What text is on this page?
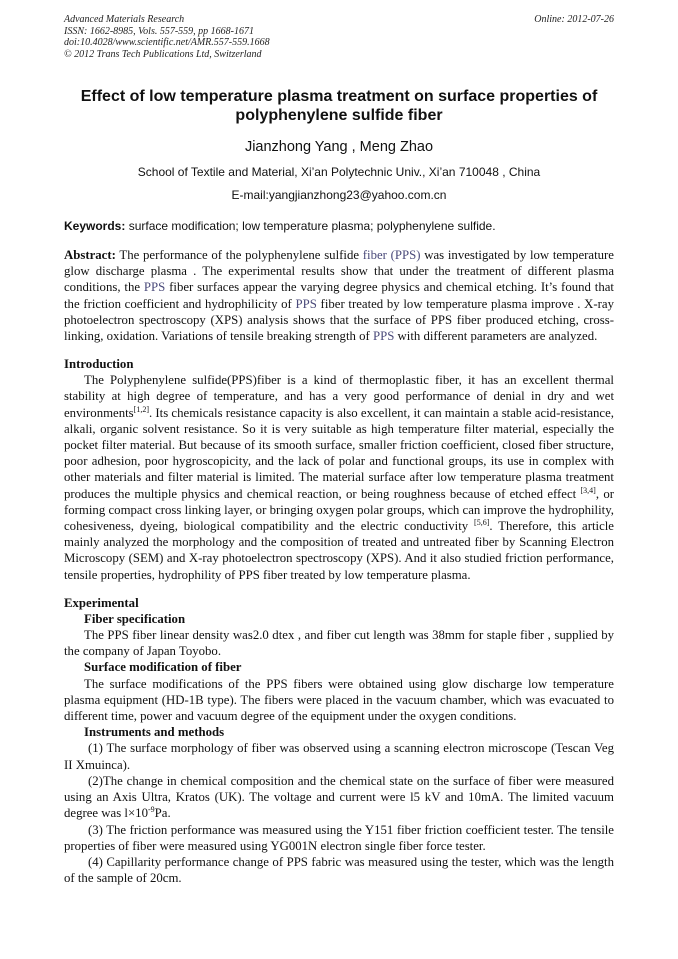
Advanced Materials Research	Online: 2012-07-26
ISSN: 1662-8985, Vols. 557-559, pp 1668-1671
doi:10.4028/www.scientific.net/AMR.557-559.1668
© 2012 Trans Tech Publications Ltd, Switzerland
Effect of low temperature plasma treatment on surface properties of polyphenylene sulfide fiber
Jianzhong Yang , Meng Zhao
School of Textile and Material, Xi’an Polytechnic Univ., Xi’an 710048 , China
E-mail:yangjianzhong23@yahoo.com.cn
Keywords: surface modification; low temperature plasma; polyphenylene sulfide.

Abstract: The performance of the polyphenylene sulfide fiber (PPS) was investigated by low temperature glow discharge plasma . The experimental results show that under the treatment of different plasma conditions, the PPS fiber surfaces appear the varying degree physics and chemical etching. It’s found that the friction coefficient and hydrophilicity of PPS fiber treated by low temperature plasma improve . X-ray photoelectron spectroscopy (XPS) analysis shows that the surface of PPS fiber produced etching, cross-linking, oxidation. Variations of tensile breaking strength of PPS with different parameters are analyzed.

Introduction

The Polyphenylene sulfide(PPS)fiber is a kind of thermoplastic fiber, it has an excellent thermal stability at high degree of temperature, and has a very good performance of denial in dry and wet environments[1,2]. Its chemicals resistance capacity is also excellent, it can maintain a stable acid-resistance, alkali, organic solvent resistance. So it is very suitable as high temperature filter material, especially the pocket filter material. But because of its smooth surface, smaller friction coefficient, closed fiber structure, poor adhesion, poor hygroscopicity, and the lack of polar and functional groups, its use in complex with other materials and filter material is limited. The material surface after low temperature plasma treatment produces the multiple physics and chemical reaction, or being roughness because of etched effect [3,4], or forming compact cross linking layer, or bringing oxygen polar groups, which can improve the hydrophility, cohesiveness, dyeing, biological compatibility and the electric conductivity [5,6]. Therefore, this article mainly analyzed the morphology and the composition of treated and untreated fiber by Scanning Electron Microscopy (SEM) and X-ray photoelectron spectroscopy (XPS). And it also studied friction performance, tensile properties, hydrophility of PPS fiber treated by low temperature plasma.

Experimental
Fiber specification

The PPS fiber linear density was2.0 dtex , and fiber cut length was 38mm for staple fiber , supplied by the company of Japan Toyobo.

Surface modification of fiber

The surface modifications of the PPS fibers were obtained using glow discharge low temperature plasma equipment (HD-1B type). The fibers were placed in the vacuum chamber, which was evacuated to different time, power and vacuum degree of the equipment under the oxygen conditions.

Instruments and methods

(1) The surface morphology of fiber was observed using a scanning electron microscope (Tescan Veg II Xmuinca).

(2)The change in chemical composition and the chemical state on the surface of fiber were measured using an Axis Ultra, Kratos (UK). The voltage and current were l5 kV and 10mA. The limited vacuum degree was $l\times 10^{-9}Pa$.

(3) The friction performance was measured using the Y151 fiber friction coefficient tester. The tensile properties of fiber were measured using YG001N electron single fiber force tester.

(4) Capillarity performance change of PPS fabric was measured using the tester, which was the length of the sample of 20cm.
